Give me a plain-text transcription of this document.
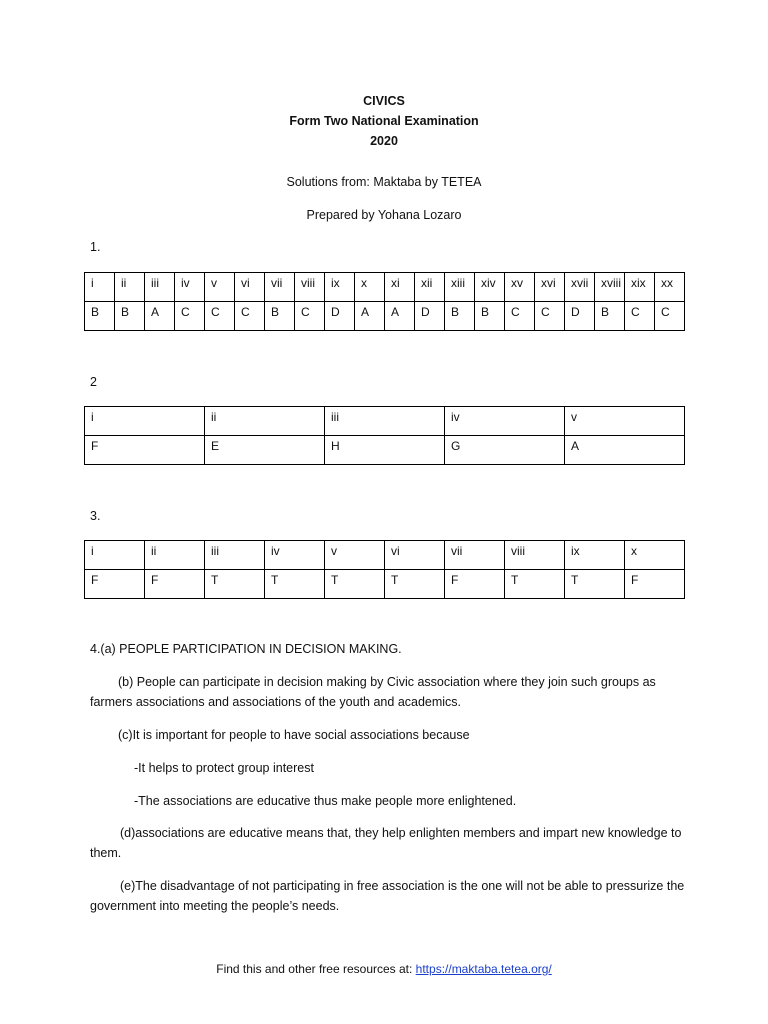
CIVICS
Form Two National Examination
2020
Solutions from: Maktaba by TETEA
Prepared by Yohana Lozaro
1.
i	ii	iii	iv	v	vi	vii	viii	ix	x	xi	xii	xiii	xiv	xv	xvi	xvii	xviii	xix	xx
B	B	A	C	C	C	B	C	D	A	A	D	B	B	C	C	D	B	C	C
2
i	ii	iii	iv	v
F	E	H	G	A
3.
i	ii	iii	iv	v	vi	vii	viii	ix	x
F	F	T	T	T	T	F	T	T	F
4.(a) PEOPLE PARTICIPATION IN DECISION MAKING.
(b) People can participate in decision making by Civic association where they join such groups as farmers associations and associations of the youth and academics.
(c)It is important for people to have social associations because
-It helps to protect group interest
-The associations are educative thus make people more enlightened.
(d)associations are educative means that, they help enlighten members and impart new knowledge to them.
(e)The disadvantage of not participating in free association is the one will not be able to pressurize the government into meeting the people’s needs.
Find this and other free resources at: https://maktaba.tetea.org/
